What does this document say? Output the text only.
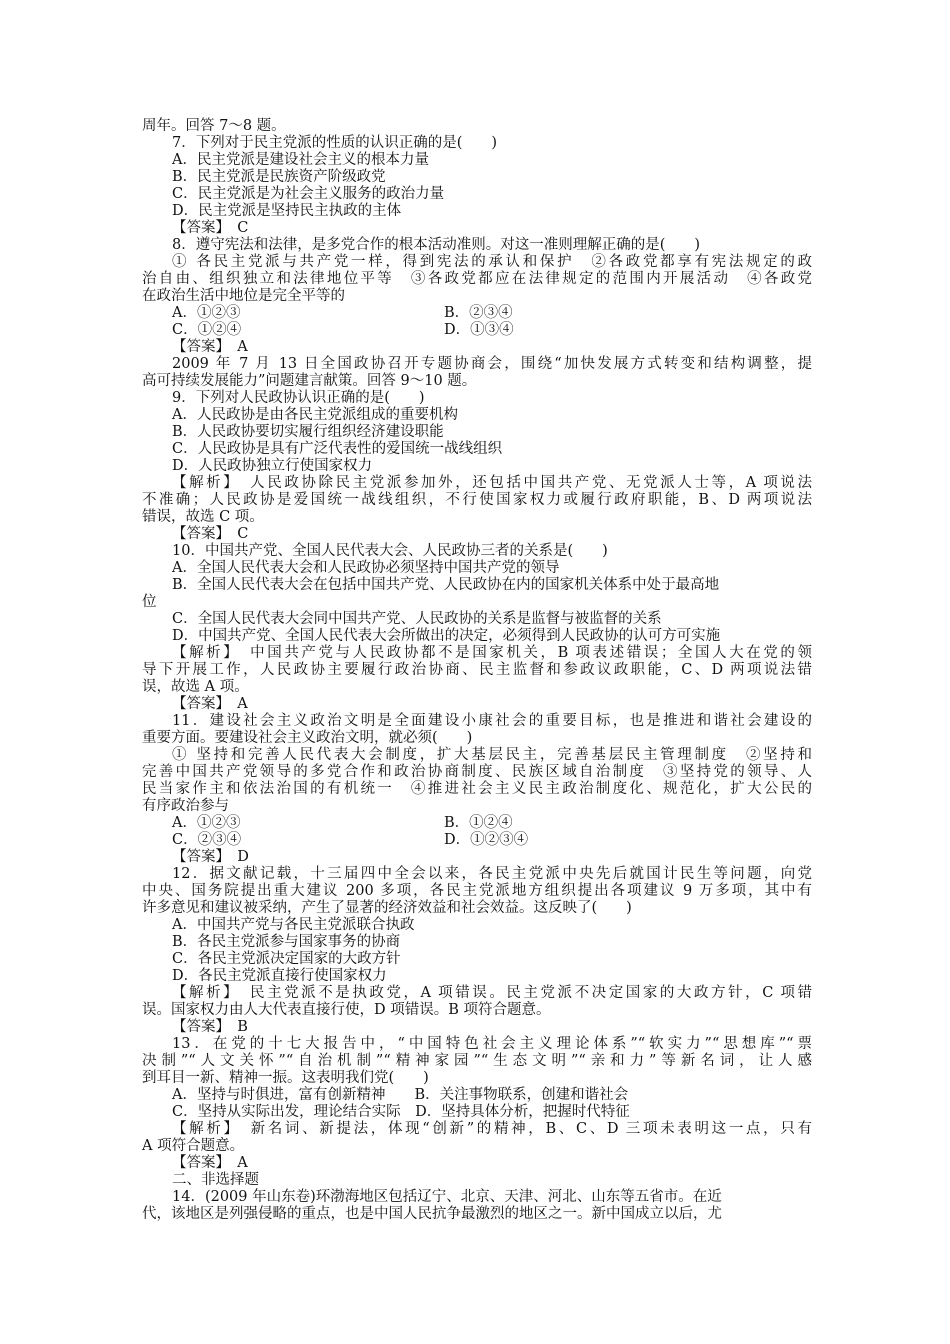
周年。回答 7～8 题。
7．下列对于民主党派的性质的认识正确的是(　　)
A．民主党派是建设社会主义的根本力量
B．民主党派是民族资产阶级政党
C．民主党派是为社会主义服务的政治力量
D．民主党派是坚持民主执政的主体
【答案】　C
8．遵守宪法和法律，是多党合作的根本活动准则。对这一准则理解正确的是(　　)
① 各民主党派与共产党一样，得到宪法的承认和保护　②各政党都享有宪法规定的政
治自由、组织独立和法律地位平等　③各政党都应在法律规定的范围内开展活动　④各政党
在政治生活中地位是完全平等的
A．①②③	B．②③④
C．①②④	D．①③④
【答案】　A
2009 年 7 月 13 日全国政协召开专题协商会，围绕“加快发展方式转变和结构调整，提
高可持续发展能力”问题建言献策。回答 9～10 题。
9．下列对人民政协认识正确的是(　　)
A．人民政协是由各民主党派组成的重要机构
B．人民政协要切实履行组织经济建设职能
C．人民政协是具有广泛代表性的爱国统一战线组织
D．人民政协独立行使国家权力
【解析】　人民政协除民主党派参加外，还包括中国共产党、无党派人士等，A 项说法
不准确；人民政协是爱国统一战线组织，不行使国家权力或履行政府职能，B、D 两项说法
错误，故选 C 项。
【答案】　C
10．中国共产党、全国人民代表大会、人民政协三者的关系是(　　)
A．全国人民代表大会和人民政协必须坚持中国共产党的领导
B．全国人民代表大会在包括中国共产党、人民政协在内的国家机关体系中处于最高地
位
C．全国人民代表大会同中国共产党、人民政协的关系是监督与被监督的关系
D．中国共产党、全国人民代表大会所做出的决定，必须得到人民政协的认可方可实施
【解析】　中国共产党与人民政协都不是国家机关，B 项表述错误；全国人大在党的领
导下开展工作，人民政协主要履行政治协商、民主监督和参政议政职能，C、D 两项说法错
误，故选 A 项。
【答案】　A
11．建设社会主义政治文明是全面建设小康社会的重要目标，也是推进和谐社会建设的
重要方面。要建设社会主义政治文明，就必须(　　)
① 坚持和完善人民代表大会制度，扩大基层民主，完善基层民主管理制度　②坚持和
完善中国共产党领导的多党合作和政治协商制度、民族区域自治制度　③坚持党的领导、人
民当家作主和依法治国的有机统一　④推进社会主义民主政治制度化、规范化，扩大公民的
有序政治参与
A．①②③	B．①②④
C．②③④	D．①②③④
【答案】　D
12．据文献记载，十三届四中全会以来，各民主党派中央先后就国计民生等问题，向党
中央、国务院提出重大建议 200 多项，各民主党派地方组织提出各项建议 9 万多项，其中有
许多意见和建议被采纳，产生了显著的经济效益和社会效益。这反映了(　　)
A．中国共产党与各民主党派联合执政
B．各民主党派参与国家事务的协商
C．各民主党派决定国家的大政方针
D．各民主党派直接行使国家权力
【解析】　民主党派不是执政党，A 项错误。民主党派不决定国家的大政方针，C 项错
误。国家权力由人大代表直接行使，D 项错误。B 项符合题意。
【答案】　B
13．在党的十七大报告中，“中国特色社会主义理论体系”“软实力”“思想库”“票
决制”“人文关怀”“自治机制”“精神家园”“生态文明”“亲和力”等新名词，让人感
到耳目一新、精神一振。这表明我们党(　　)
A．坚持与时俱进，富有创新精神　　B．关注事物联系，创建和谐社会
C．坚持从实际出发，理论结合实际　D．坚持具体分析，把握时代特征
【解析】　新名词、新提法，体现“创新”的精神，B、C、D 三项未表明这一点，只有
A 项符合题意。
【答案】　A
二、非选择题
14．(2009 年山东卷)环渤海地区包括辽宁、北京、天津、河北、山东等五省市。在近
代，该地区是列强侵略的重点，也是中国人民抗争最激烈的地区之一。新中国成立以后，尤
